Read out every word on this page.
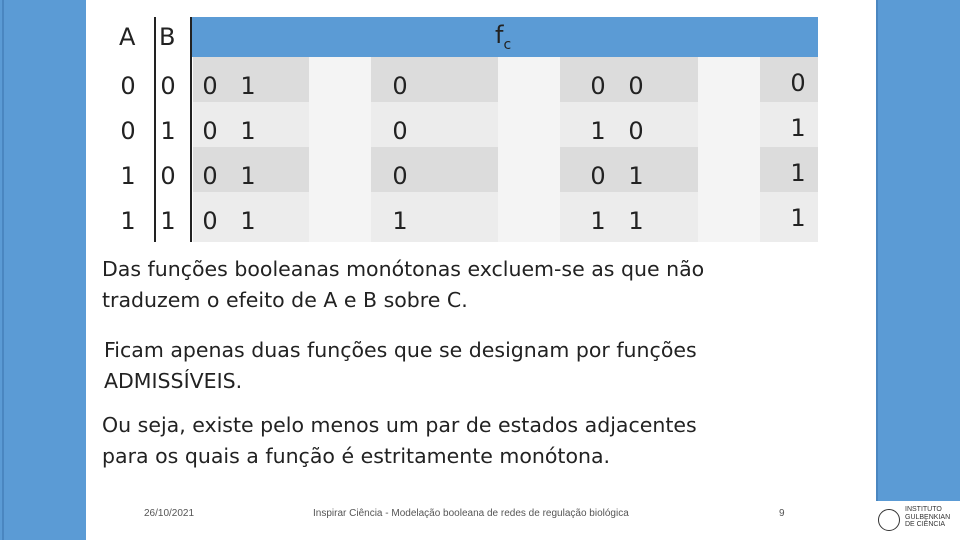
A B	$f_c$
0	0	0 1	0	0 0	0
0	1	0 1	0	1 0	1
1	0	0 1	0	0 1	1
1	1	0 1	1	1 1	1
Das funções booleanas monótonas excluem-se as que não
traduzem o efeito de A e B sobre C.
Ficam apenas duas funções que se designam por funções
ADMISSÍVEIS.
Ou seja, existe pelo menos um par de estados adjacentes
para os quais a função é estritamente monótona.
26/10/2021	Inspirar Ciência - Modelação booleana de redes de regulação biológica	9	INSTITUTO
GULBENKIAN
DE CIÊNCIA
